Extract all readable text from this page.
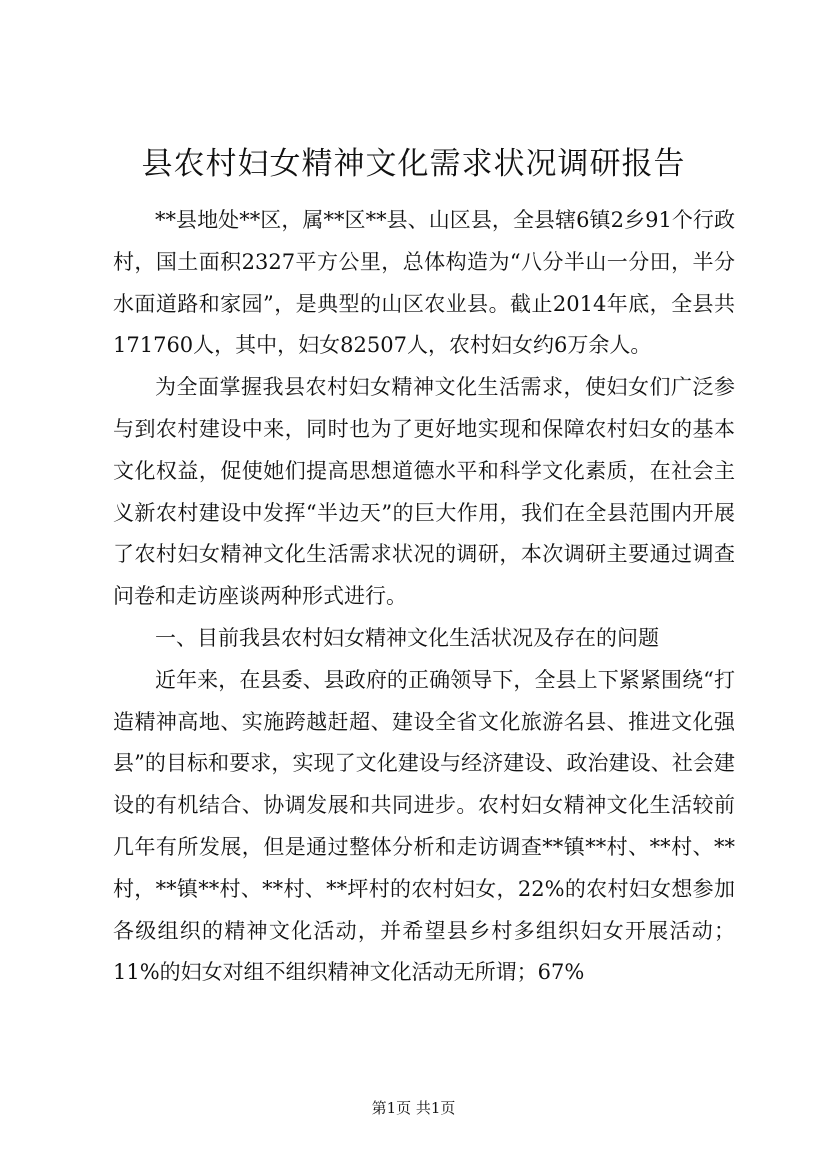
县农村妇女精神文化需求状况调研报告

**县地处**区，属**区**县、山区县，全县辖6镇2乡91个行政村，国土面积2327平方公里，总体构造为“八分半山一分田，半分水面道路和家园”，是典型的山区农业县。截止2014年底，全县共171760人，其中，妇女82507人，农村妇女约6万余人。

为全面掌握我县农村妇女精神文化生活需求，使妇女们广泛参与到农村建设中来，同时也为了更好地实现和保障农村妇女的基本文化权益，促使她们提高思想道德水平和科学文化素质，在社会主义新农村建设中发挥“半边天”的巨大作用，我们在全县范围内开展了农村妇女精神文化生活需求状况的调研，本次调研主要通过调查问卷和走访座谈两种形式进行。

一、目前我县农村妇女精神文化生活状况及存在的问题

近年来，在县委、县政府的正确领导下，全县上下紧紧围绕“打造精神高地、实施跨越赶超、建设全省文化旅游名县、推进文化强县”的目标和要求，实现了文化建设与经济建设、政治建设、社会建设的有机结合、协调发展和共同进步。农村妇女精神文化生活较前几年有所发展，但是通过整体分析和走访调查**镇**村、**村、**村，**镇**村、**村、**坪村的农村妇女，22%的农村妇女想参加各级组织的精神文化活动，并希望县乡村多组织妇女开展活动；11%的妇女对组不组织精神文化活动无所谓；67%

第1页 共1页
